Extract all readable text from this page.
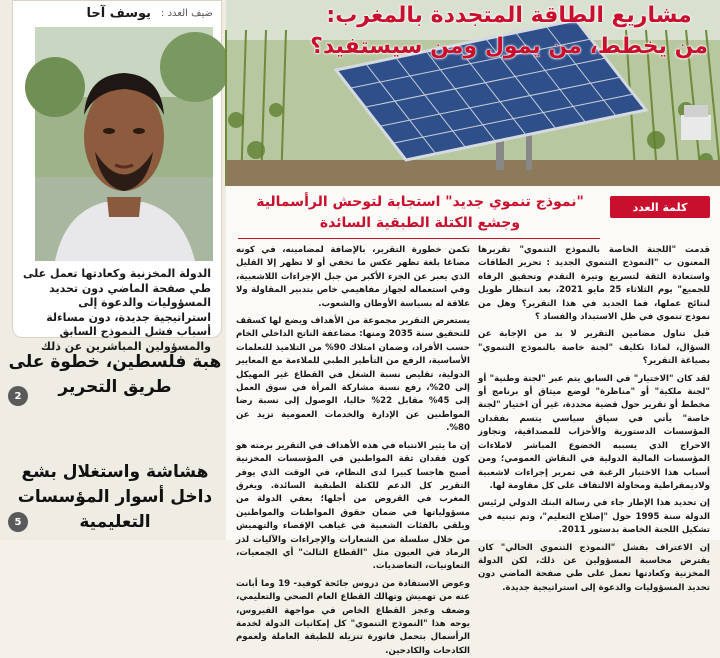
ضيف العدد :
يوسف آحا
الدولة المخزنية وكعادتها تعمل على طي صفحة الماضي دون تحديد المسؤوليات والدعوة إلى استراتيجية جديدة، دون مساءلة أسباب فشل النموذج السابق والمسؤولين المباشرين عن ذلك
هبة فلسطين، خطوة على
طريق التحرير
2
هشاشة واستغلال بشع
داخل أسوار المؤسسات
التعليمية
5
مشاريع الطاقة المتجددة بالمغرب:
من يخطط، من يمول ومن سيستفيد؟
كلمة العدد
"نموذج تنموي جديد" استجابة لتوحش الرأسمالية
وجشع الكتلة الطبقية السائدة

قدمت "اللجنة الخاصة بالنموذج التنموي" تقريرها المعنون ب "النموذج التنموي الجديد : تحرير الطاقات واستعادة الثقة لتسريع وتيرة التقدم وتحقيق الرفاه للجميع" يوم الثلاثاء 25 مايو 2021، بعد انتظار طويل لنتائج عملها، فما الجديد في هذا التقرير؟ وهل من نموذج تنموي في ظل الاستبداد والفساد ؟

قبل تناول مضامين التقرير لا بد من الإجابة عن السؤال، لماذا تكليف "لجنة خاصة بالنموذج التنموي" بصياغة التقرير؟

لقد كان "الاختيار" في السابق يتم عبر "لجنة وطنية" أو "لجنة ملكية" أو "مناظرة" لوضع ميثاق أو برنامج أو مخطط أو تقرير حول قضية محددة، غير أن اختيار "لجنة خاصة" يأتي في سياق سياسي يتسم بفقدان المؤسسات الدستورية والأحزاب للمصداقية، وتجاوز الاحراج الذي يسببه الخضوع المباشر لاملاءات المؤسسات المالية الدولية في النقاش العمومي؛ ومن أسباب هذا الاختيار الرغبة في تمرير إجراءات لاشعبية ولاديمقراطية ومحاولة الالتفاف على كل مقاومة لها.

إن تحديد هذا الإطار جاء في رسالة البنك الدولي لرئيس الدولة سنة 1995 حول "إصلاح التعليم"، وتم تبنيه في تشكيل اللجنة الخاصة بدستور 2011.

إن الاعتراف بفشل "النموذج التنموي الحالي" كان يفترض محاسبة المسؤولين عن ذلك، لكن الدولة المخزنية وكعادتها تعمل على طي صفحة الماضي دون تحديد المسؤوليات والدعوة إلى استراتيجية جديدة.

تكمن خطورة التقرير، بالإضافة لمضامينه، في كونه مصاغا بلغة تظهر عكس ما تخفي أو لا تظهر إلا القليل الذي يعبر عن الجزء الأكبر من جبل الإجراءات اللاشعبية، وفي استعماله لجهاز مفاهيمي خاص بتدبير المقاولة ولا علاقة له بسياسة الأوطان والشعوب.

يستعرض التقرير مجموعة من الأهداف ويضع لها كسقف للتحقيق سنة 2035 ومنها: مضاعفة الناتج الداخلي الخام حسب الأفراد، وضمان امتلاك 90% من التلاميذ للتعلمات الأساسية، الرفع من التأطير الطبي للملاءمة مع المعايير الدولية، تقليص نسبة الشغل في القطاع غير المهيكل إلى 20%، رفع نسبة مشاركة المرأة في سوق العمل إلى 45% مقابل 22% حاليا، الوصول إلى نسبة رضا المواطنين عن الإدارة والخدمات العمومية تزيد عن 80%.

إن ما يثير الانتباه في هذه الأهداف في التقرير برمته هو كون فقدان ثقة المواطنين في المؤسسات المخزنية أصبح هاجسا كبيرا لدى النظام، في الوقت الذي يوفر التقرير كل الدعم للكتلة الطبقية السائدة. ويغرق المغرب في القروض من أجلها؛ يعفي الدولة من مسؤولياتها في ضمان حقوق المواطنات والمواطنين ويلقي بالفئات الشعبية في غياهب الإقصاء والتهميش من خلال سلسلة من الشعارات والإجراءات والآليات لذر الرماد في العيون مثل "القطاع الثالث" أي الجمعيات، التعاونيات، التعاضديات.

وعوض الاستفادة من دروس جائحة كوفيد- 19 وما أبانت عنه من تهميش وتهالك القطاع العام الصحي والتعليمي، وضعف وعجز القطاع الخاص في مواجهة الفيروس، يوجه هذا "النموذج التنموي" كل إمكانيات الدولة لخدمة الرأسمال بتحمل فاتورة تنزيله للطبقة العاملة ولعموم الكادحات والكادحين.
